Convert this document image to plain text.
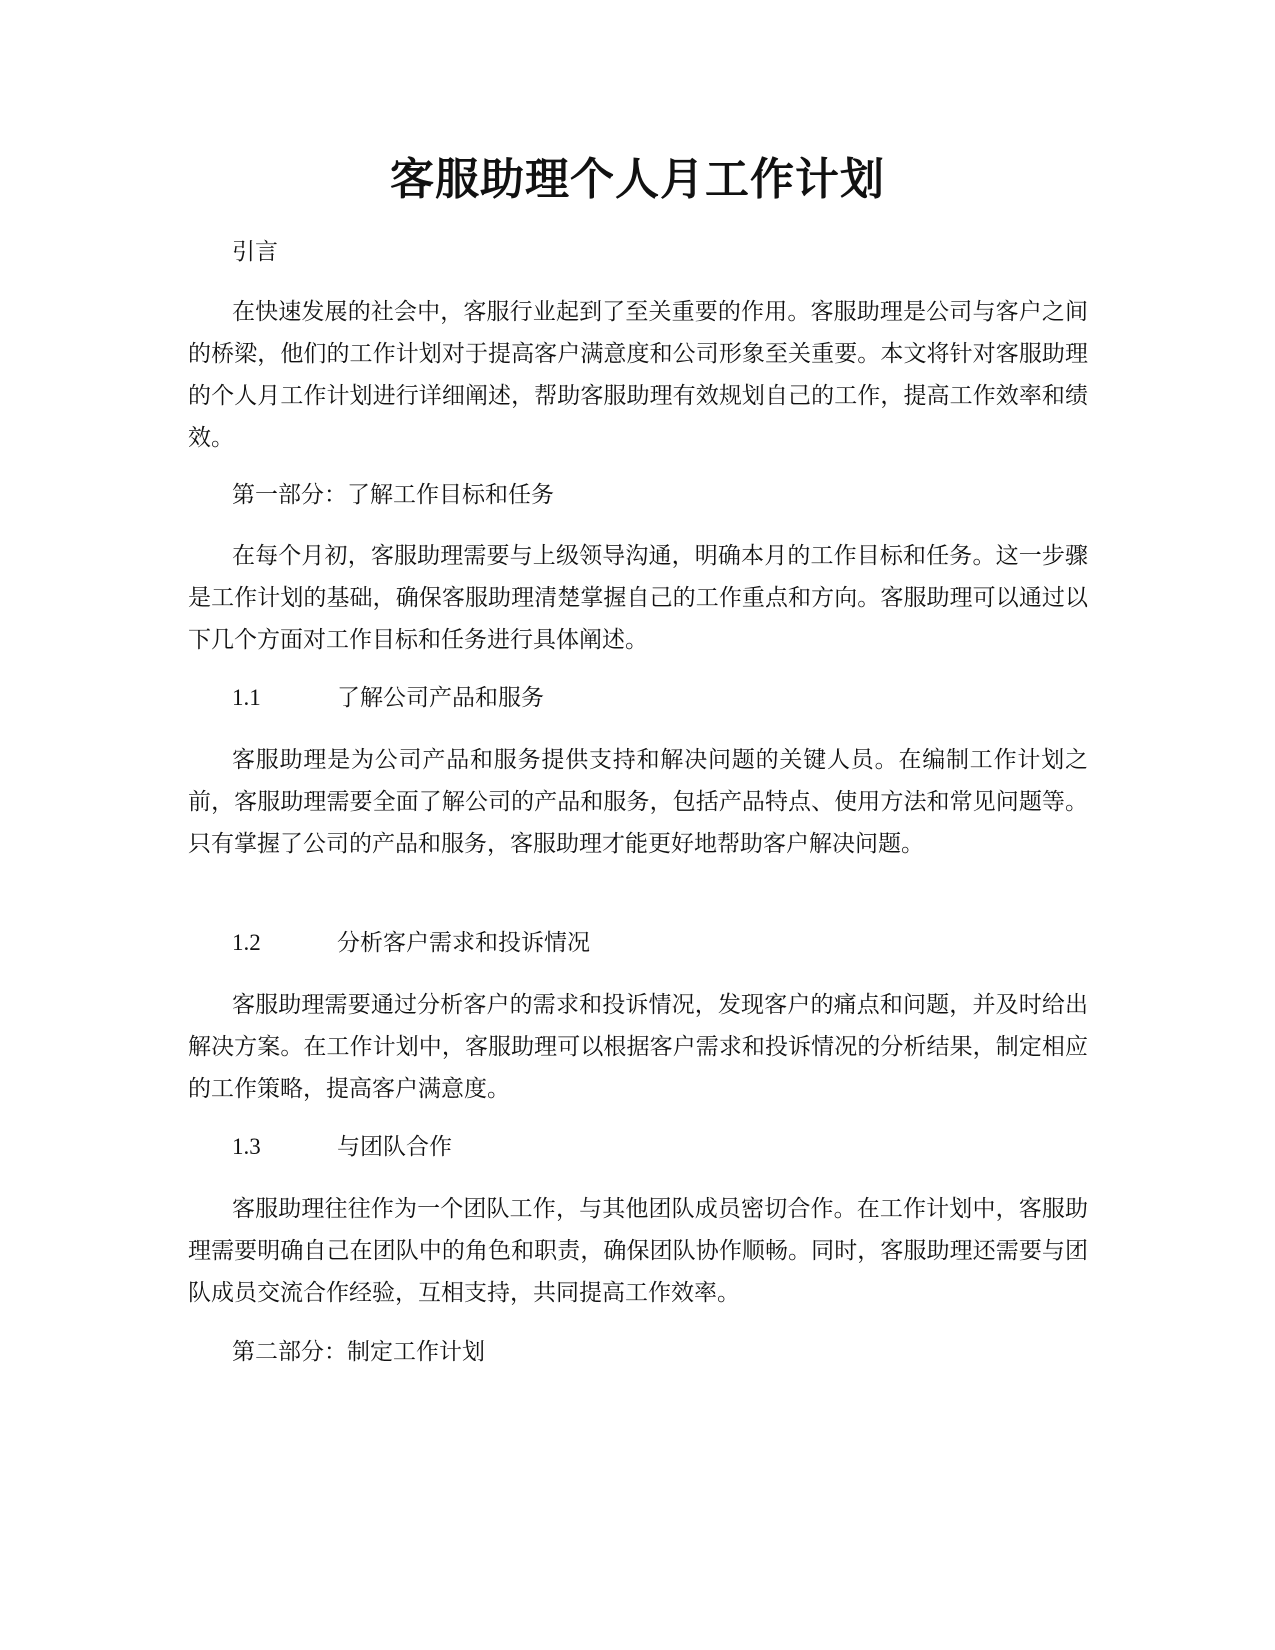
客服助理个人月工作计划
引言
在快速发展的社会中，客服行业起到了至关重要的作用。客服助理是公司与客户之间的桥梁，他们的工作计划对于提高客户满意度和公司形象至关重要。本文将针对客服助理的个人月工作计划进行详细阐述，帮助客服助理有效规划自己的工作，提高工作效率和绩效。
第一部分：了解工作目标和任务
在每个月初，客服助理需要与上级领导沟通，明确本月的工作目标和任务。这一步骤是工作计划的基础，确保客服助理清楚掌握自己的工作重点和方向。客服助理可以通过以下几个方面对工作目标和任务进行具体阐述。
1.1	了解公司产品和服务
客服助理是为公司产品和服务提供支持和解决问题的关键人员。在编制工作计划之前，客服助理需要全面了解公司的产品和服务，包括产品特点、使用方法和常见问题等。只有掌握了公司的产品和服务，客服助理才能更好地帮助客户解决问题。
1.2	分析客户需求和投诉情况
客服助理需要通过分析客户的需求和投诉情况，发现客户的痛点和问题，并及时给出解决方案。在工作计划中，客服助理可以根据客户需求和投诉情况的分析结果，制定相应的工作策略，提高客户满意度。
1.3	与团队合作
客服助理往往作为一个团队工作，与其他团队成员密切合作。在工作计划中，客服助理需要明确自己在团队中的角色和职责，确保团队协作顺畅。同时，客服助理还需要与团队成员交流合作经验，互相支持，共同提高工作效率。
第二部分：制定工作计划
